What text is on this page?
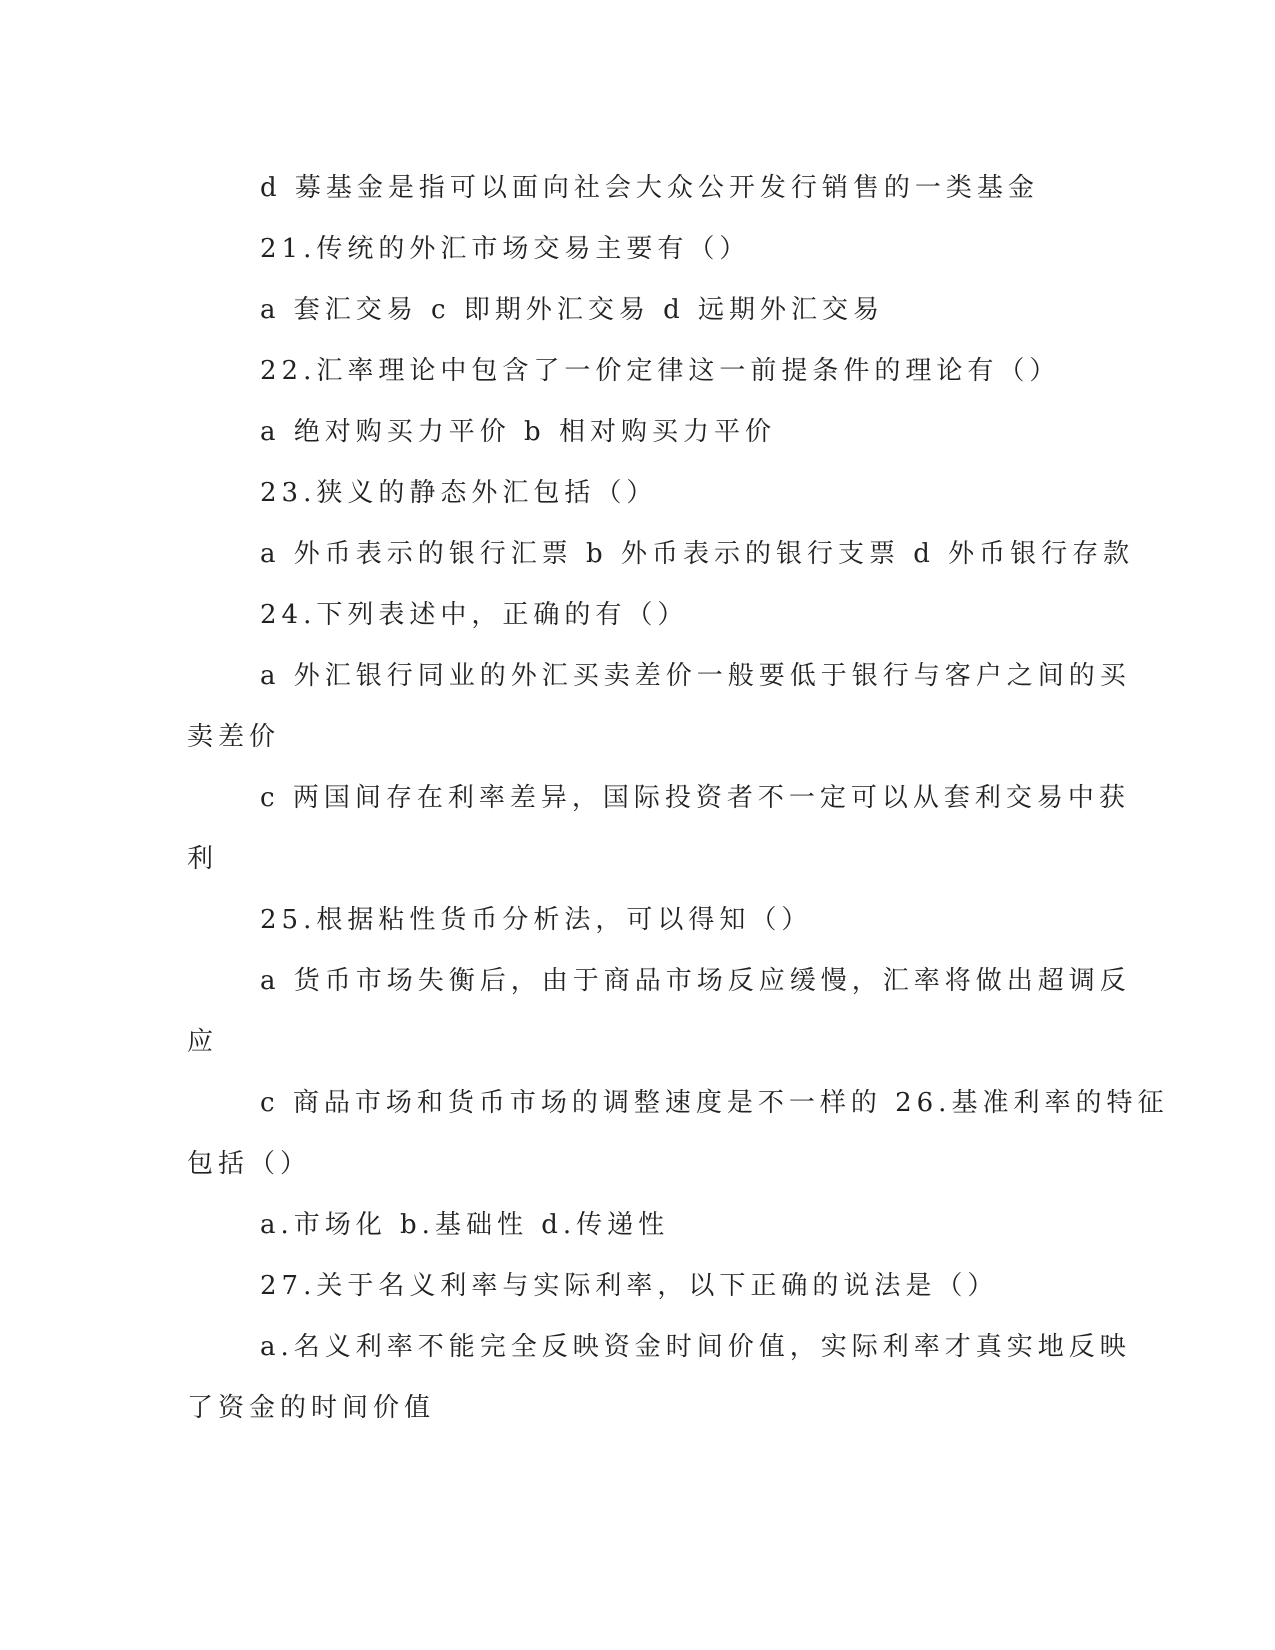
d 募基金是指可以面向社会大众公开发行销售的一类基金
21.传统的外汇市场交易主要有（）
a 套汇交易 c 即期外汇交易 d 远期外汇交易
22.汇率理论中包含了一价定律这一前提条件的理论有（）
a 绝对购买力平价 b 相对购买力平价
23.狭义的静态外汇包括（）
a 外币表示的银行汇票 b 外币表示的银行支票 d 外币银行存款
24.下列表述中，正确的有（）
a 外汇银行同业的外汇买卖差价一般要低于银行与客户之间的买
卖差价
c 两国间存在利率差异，国际投资者不一定可以从套利交易中获
利
25.根据粘性货币分析法，可以得知（）
a 货币市场失衡后，由于商品市场反应缓慢，汇率将做出超调反
应
c 商品市场和货币市场的调整速度是不一样的 26.基准利率的特征
包括（）
a.市场化 b.基础性 d.传递性
27.关于名义利率与实际利率，以下正确的说法是（）
a.名义利率不能完全反映资金时间价值，实际利率才真实地反映
了资金的时间价值
